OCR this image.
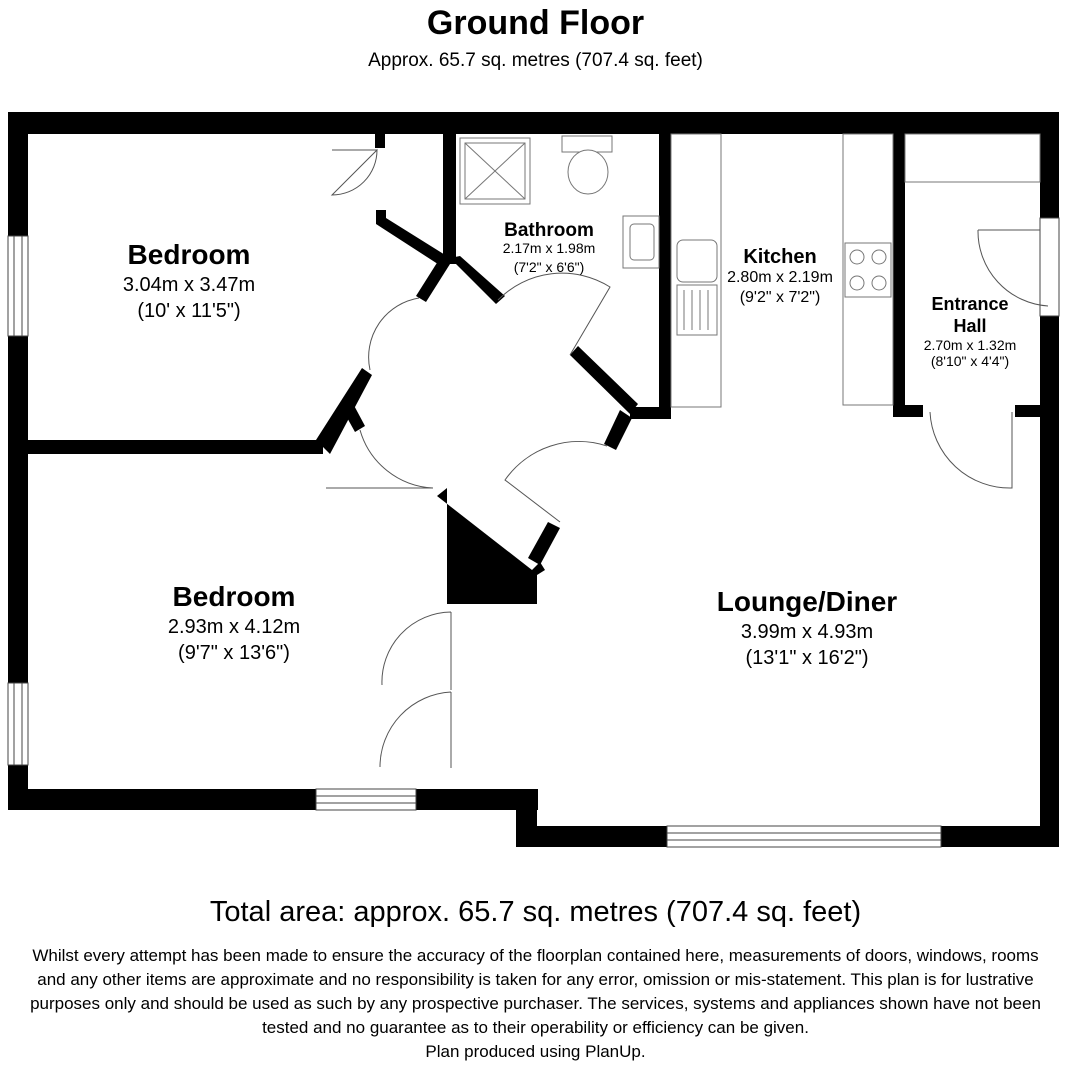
Ground Floor
Approx. 65.7 sq. metres (707.4 sq. feet)
Bedroom
3.04m x 3.47m
(10' x 11'5")
Bathroom
2.17m x 1.98m
(7'2" x 6'6")	Kitchen
2.80m x 2.19m
(9'2" x 7'2")	Entrance
Hall
2.70m x 1.32m
(8'10" x 4'4")
Bedroom
2.93m x 4.12m
(9'7" x 13'6")
Lounge/Diner
3.99m x 4.93m
(13'1" x 16'2")
Total area: approx. 65.7 sq. metres (707.4 sq. feet)
Whilst every attempt has been made to ensure the accuracy of the floorplan contained here, measurements of doors, windows, rooms and any other items are approximate and no responsibility is taken for any error, omission or mis-statement. This plan is for lustrative purposes only and should be used as such by any prospective purchaser. The services, systems and appliances shown have not been tested and no guarantee as to their operability or efficiency can be given.
Plan produced using PlanUp.
